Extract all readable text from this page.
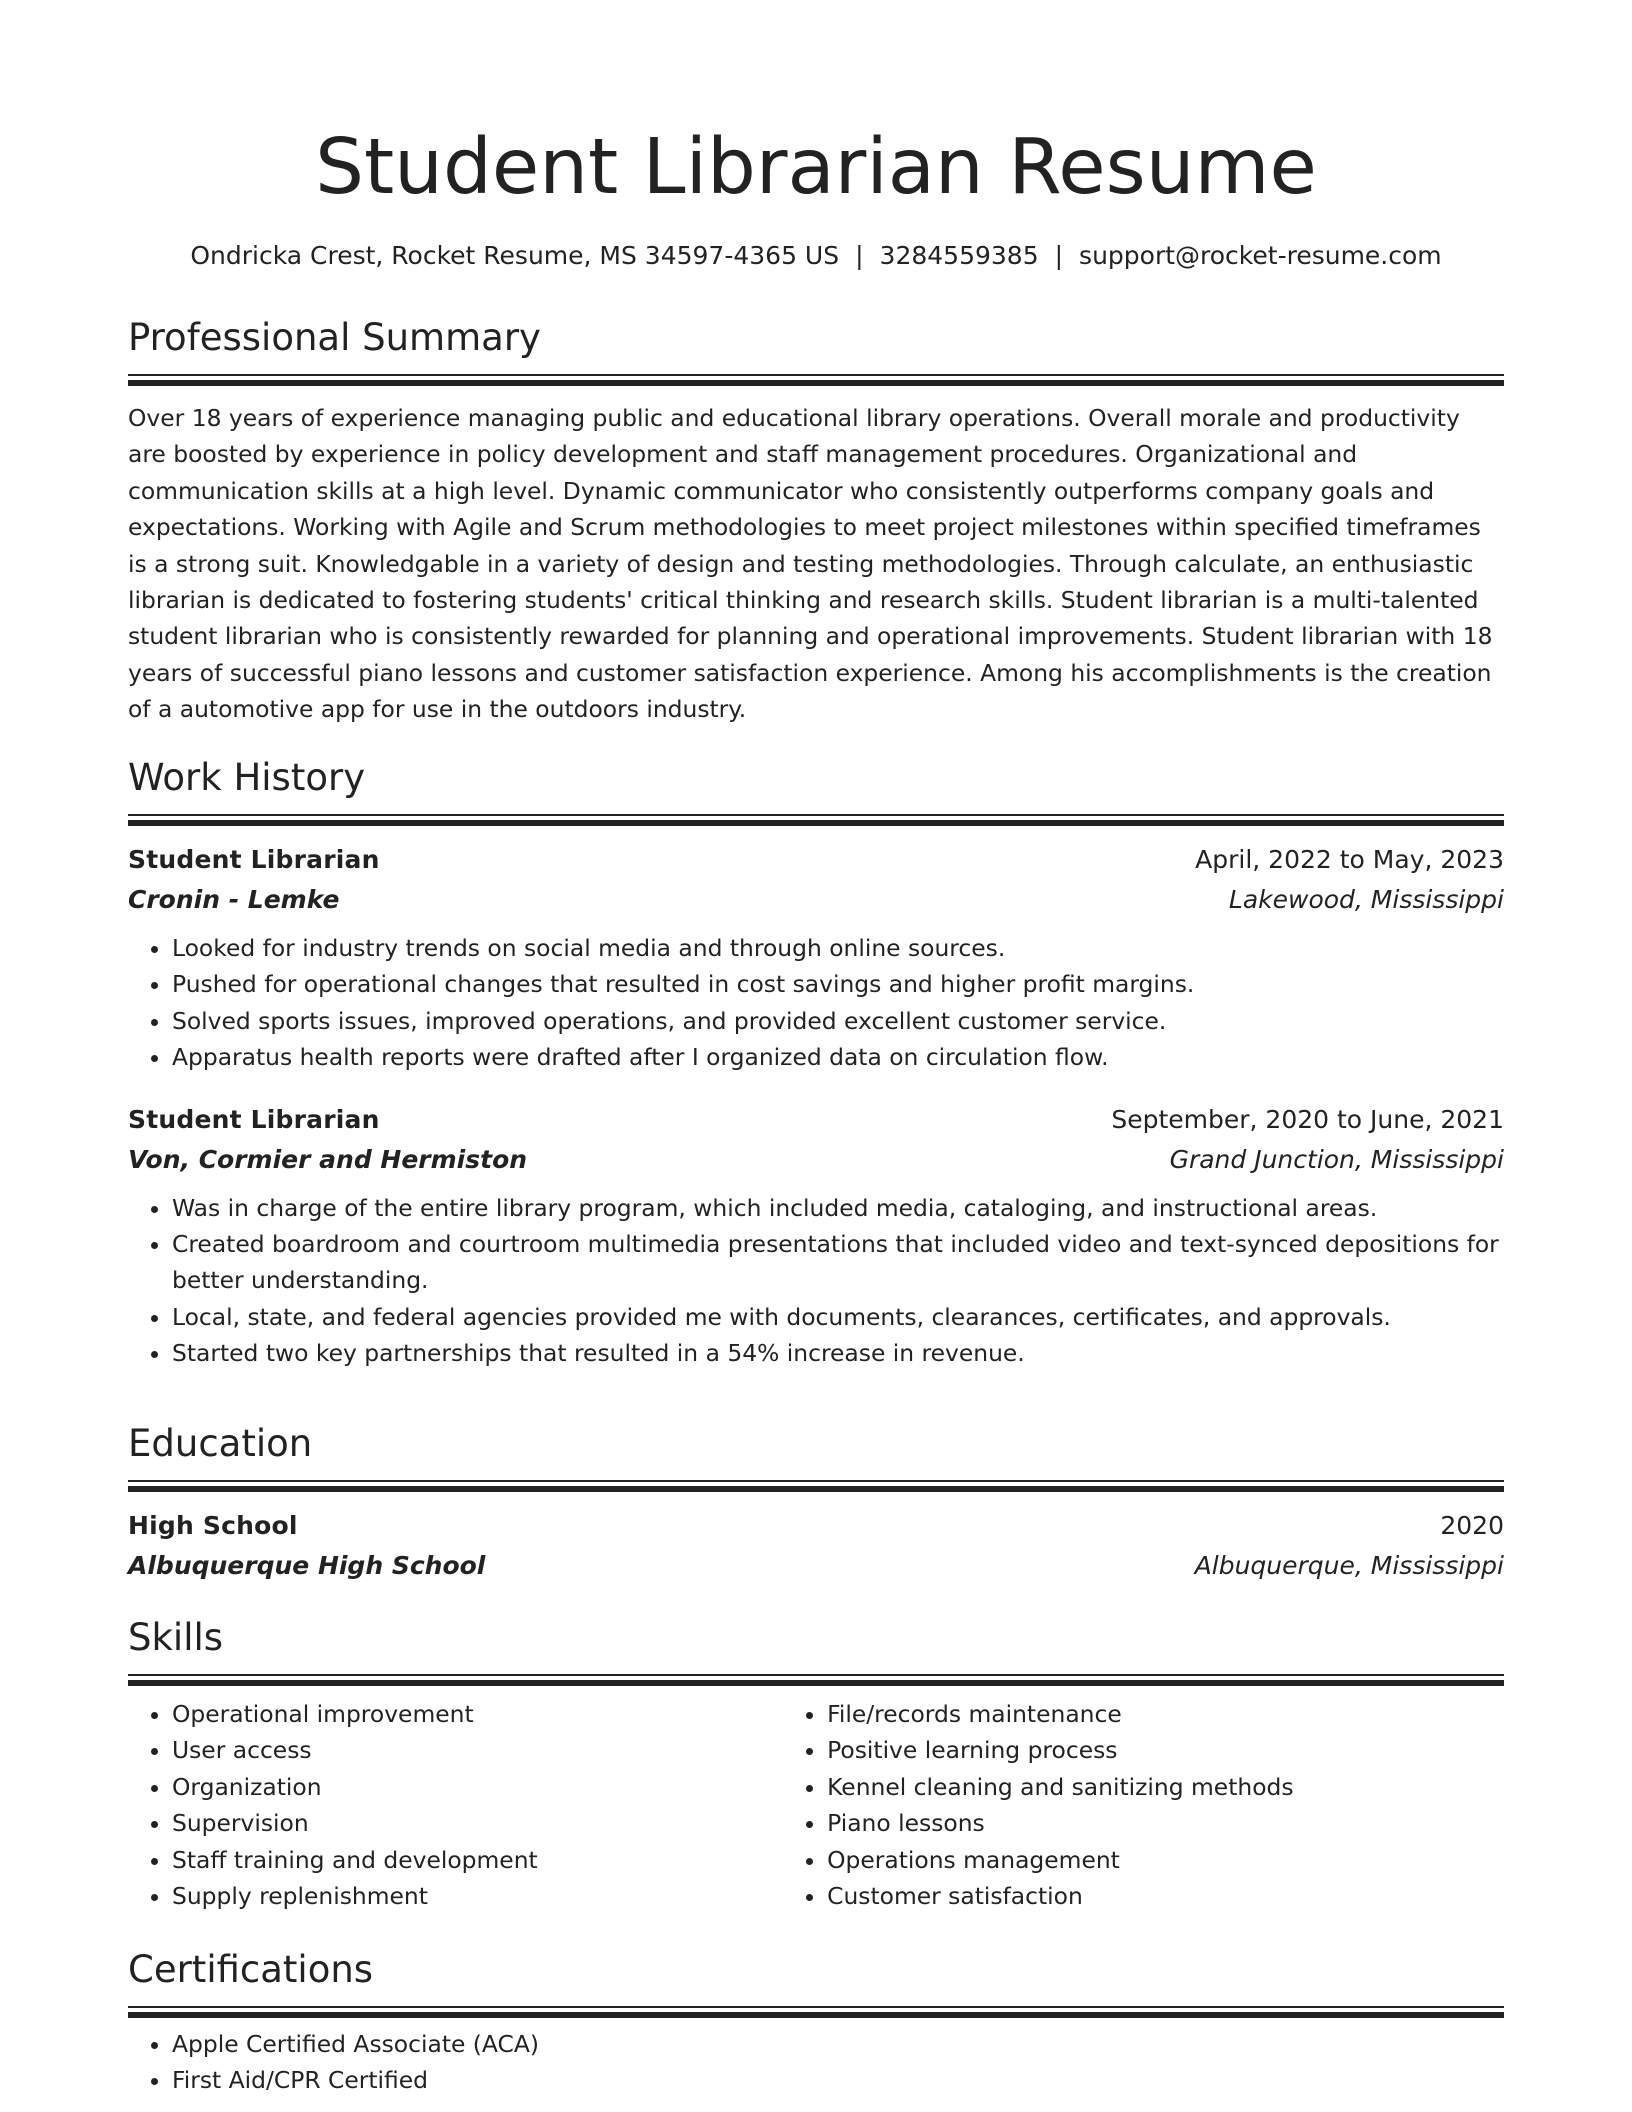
Student Librarian Resume
Ondricka Crest, Rocket Resume, MS 34597-4365 US | 3284559385 | support@rocket-resume.com
Professional Summary

Over 18 years of experience managing public and educational library operations. Overall morale and productivity are boosted by experience in policy development and staff management procedures. Organizational and communication skills at a high level. Dynamic communicator who consistently outperforms company goals and expectations. Working with Agile and Scrum methodologies to meet project milestones within specified timeframes is a strong suit. Knowledgable in a variety of design and testing methodologies. Through calculate, an enthusiastic librarian is dedicated to fostering students' critical thinking and research skills. Student librarian is a multi-talented student librarian who is consistently rewarded for planning and operational improvements. Student librarian with 18 years of successful piano lessons and customer satisfaction experience. Among his accomplishments is the creation of a automotive app for use in the outdoors industry.

Work History
Student Librarian	April, 2022 to May, 2023
Cronin - Lemke	Lakewood, Mississippi
• Looked for industry trends on social media and through online sources.
• Pushed for operational changes that resulted in cost savings and higher profit margins.
• Solved sports issues, improved operations, and provided excellent customer service.
• Apparatus health reports were drafted after I organized data on circulation flow.
Student Librarian	September, 2020 to June, 2021
Von, Cormier and Hermiston	Grand Junction, Mississippi
• Was in charge of the entire library program, which included media, cataloging, and instructional areas.
• Created boardroom and courtroom multimedia presentations that included video and text-synced depositions for better understanding.
• Local, state, and federal agencies provided me with documents, clearances, certificates, and approvals.
• Started two key partnerships that resulted in a 54% increase in revenue.
Education
High School	2020
Albuquerque High School	Albuquerque, Mississippi
Skills
• Operational improvement
• User access
• Organization
• Supervision
• Staff training and development
• Supply replenishment
• File/records maintenance
• Positive learning process
• Kennel cleaning and sanitizing methods
• Piano lessons
• Operations management
• Customer satisfaction
Certifications
• Apple Certified Associate (ACA)
• First Aid/CPR Certified
